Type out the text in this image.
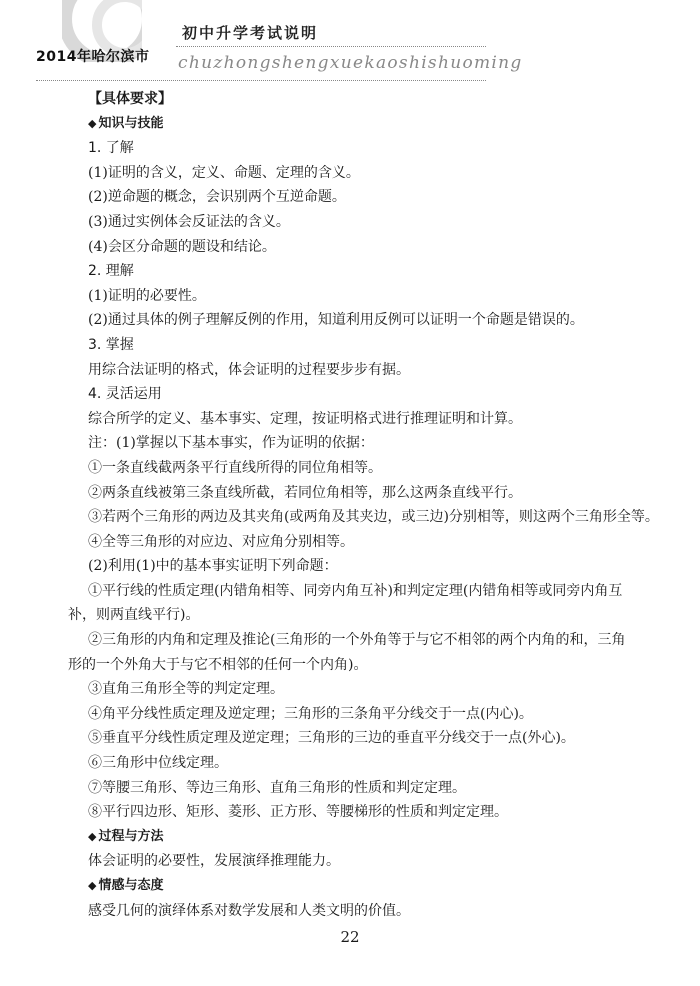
2014年哈尔滨市
初中升学考试说明
chuzhongshengxuekaoshishuoming
【具体要求】
◆ 知识与技能
1. 了解
(1)证明的含义，定义、命题、定理的含义。
(2)逆命题的概念，会识别两个互逆命题。
(3)通过实例体会反证法的含义。
(4)会区分命题的题设和结论。
2. 理解
(1)证明的必要性。
(2)通过具体的例子理解反例的作用，知道利用反例可以证明一个命题是错误的。
3. 掌握
用综合法证明的格式，体会证明的过程要步步有据。
4. 灵活运用
综合所学的定义、基本事实、定理，按证明格式进行推理证明和计算。
注：(1)掌握以下基本事实，作为证明的依据：
①一条直线截两条平行直线所得的同位角相等。
②两条直线被第三条直线所截，若同位角相等，那么这两条直线平行。
③若两个三角形的两边及其夹角(或两角及其夹边，或三边)分别相等，则这两个三角形全等。
④全等三角形的对应边、对应角分别相等。
(2)利用(1)中的基本事实证明下列命题：
①平行线的性质定理(内错角相等、同旁内角互补)和判定定理(内错角相等或同旁内角互
补，则两直线平行)。
②三角形的内角和定理及推论(三角形的一个外角等于与它不相邻的两个内角的和，三角
形的一个外角大于与它不相邻的任何一个内角)。
③直角三角形全等的判定定理。
④角平分线性质定理及逆定理；三角形的三条角平分线交于一点(内心)。
⑤垂直平分线性质定理及逆定理；三角形的三边的垂直平分线交于一点(外心)。
⑥三角形中位线定理。
⑦等腰三角形、等边三角形、直角三角形的性质和判定定理。
⑧平行四边形、矩形、菱形、正方形、等腰梯形的性质和判定定理。
◆ 过程与方法
体会证明的必要性，发展演绎推理能力。
◆ 情感与态度
感受几何的演绎体系对数学发展和人类文明的价值。
22
